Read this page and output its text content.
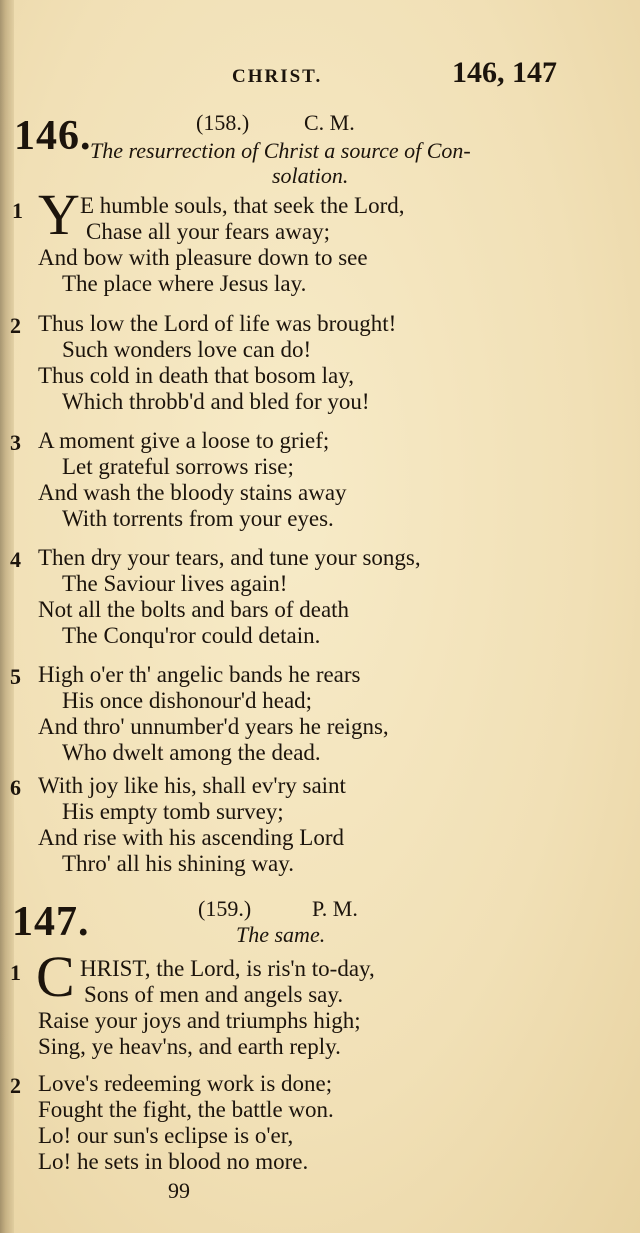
CHRIST.	146, 147
146.	(158.) C. M.
The resurrection of Christ a source of Con-
solation.
1 Y E humble souls, that seek the Lord,
Chase all your fears away;
And bow with pleasure down to see
The place where Jesus lay.
2 Thus low the Lord of life was brought!
Such wonders love can do!
Thus cold in death that bosom lay,
Which throbb'd and bled for you!
3 A moment give a loose to grief;
Let grateful sorrows rise;
And wash the bloody stains away
With torrents from your eyes.
4 Then dry your tears, and tune your songs,
The Saviour lives again!
Not all the bolts and bars of death
The Conqu'ror could detain.
5 High o'er th' angelic bands he rears
His once dishonour'd head;
And thro' unnumber'd years he reigns,
Who dwelt among the dead.
6 With joy like his, shall ev'ry saint
His empty tomb survey;
And rise with his ascending Lord
Thro' all his shining way.
147.	(159.)	P. M.
The same.
1 C HRIST, the Lord, is ris'n to-day,
Sons of men and angels say.
Raise your joys and triumphs high;
Sing, ye heav'ns, and earth reply.
2 Love's redeeming work is done;
Fought the fight, the battle won.
Lo! our sun's eclipse is o'er,
Lo! he sets in blood no more.
99
